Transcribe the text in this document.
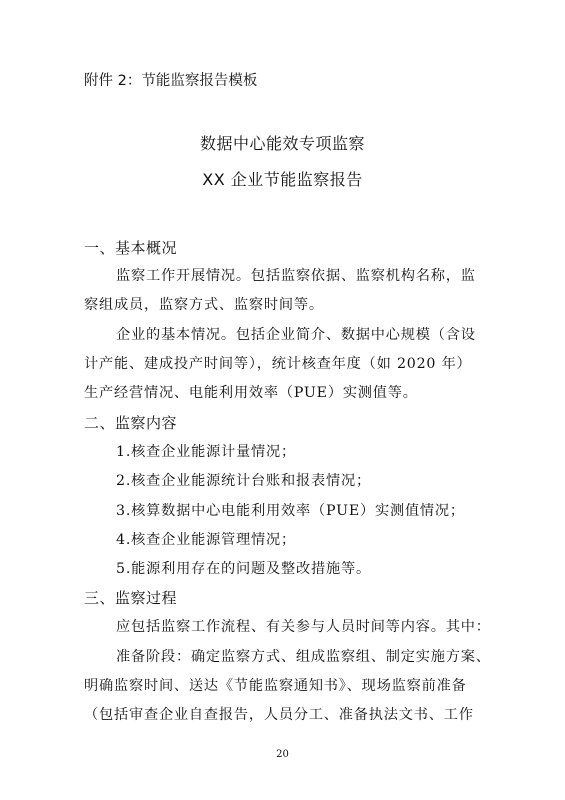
附件 2：节能监察报告模板
数据中心能效专项监察
XX 企业节能监察报告
一、基本概况
监察工作开展情况。包括监察依据、监察机构名称，监
察组成员，监察方式、监察时间等。
企业的基本情况。包括企业简介、数据中心规模（含设
计产能、建成投产时间等），统计核查年度（如 2020 年）
生产经营情况、电能利用效率（PUE）实测值等。
二、监察内容
1.核查企业能源计量情况；
2.核查企业能源统计台账和报表情况；
3.核算数据中心电能利用效率（PUE）实测值情况；
4.核查企业能源管理情况；
5.能源利用存在的问题及整改措施等。
三、监察过程
应包括监察工作流程、有关参与人员时间等内容。其中：
准备阶段：确定监察方式、组成监察组、制定实施方案、
明确监察时间、送达《节能监察通知书》、现场监察前准备
（包括审查企业自查报告，人员分工、准备执法文书、工作
20
